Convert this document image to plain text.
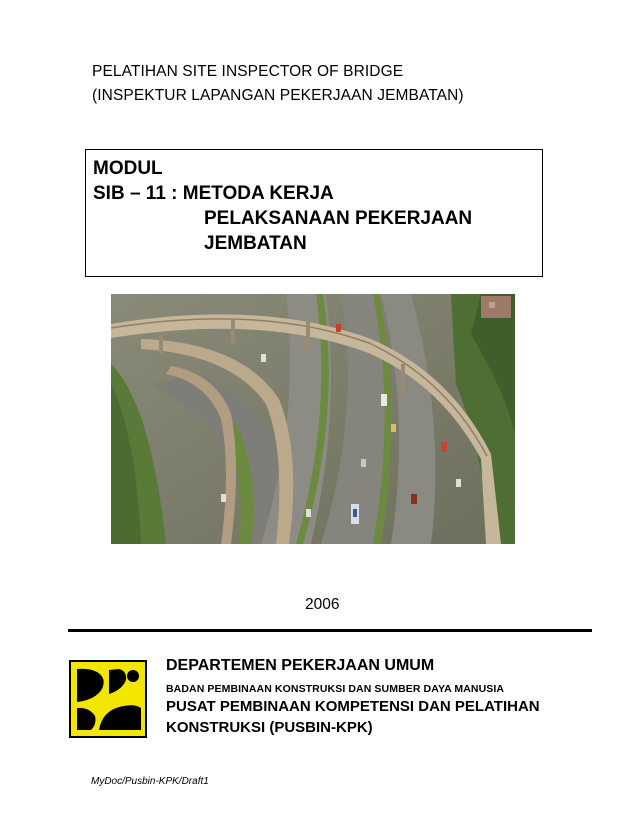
PELATIHAN SITE INSPECTOR OF BRIDGE
(INSPEKTUR LAPANGAN PEKERJAAN JEMBATAN)
MODUL
SIB – 11 : METODA KERJA
PELAKSANAAN PEKERJAAN
JEMBATAN
2006
DEPARTEMEN PEKERJAAN UMUM
BADAN PEMBINAAN KONSTRUKSI DAN SUMBER DAYA MANUSIA
PUSAT PEMBINAAN KOMPETENSI DAN PELATIHAN
KONSTRUKSI (PUSBIN-KPK)
MyDoc/Pusbin-KPK/Draft1
